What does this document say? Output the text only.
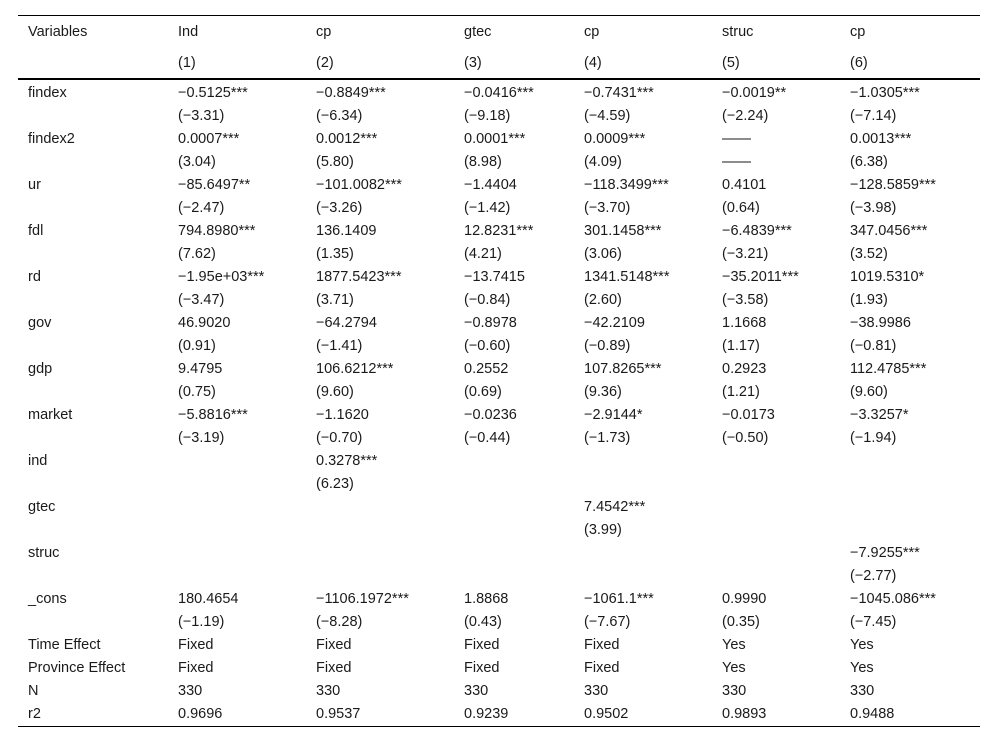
Variables	Ind	cp	gtec	cp	struc	cp
	(1)	(2)	(3)	(4)	(5)	(6)
findex	−0.5125***	−0.8849***	−0.0416***	−0.7431***	−0.0019**	−1.0305***
	(−3.31)	(−6.34)	(−9.18)	(−4.59)	(−2.24)	(−7.14)
findex2	0.0007***	0.0012***	0.0001***	0.0009***	——	0.0013***
	(3.04)	(5.80)	(8.98)	(4.09)	——	(6.38)
ur	−85.6497**	−101.0082***	−1.4404	−118.3499***	0.4101	−128.5859***
	(−2.47)	(−3.26)	(−1.42)	(−3.70)	(0.64)	(−3.98)
fdl	794.8980***	136.1409	12.8231***	301.1458***	−6.4839***	347.0456***
	(7.62)	(1.35)	(4.21)	(3.06)	(−3.21)	(3.52)
rd	−1.95e+03***	1877.5423***	−13.7415	1341.5148***	−35.2011***	1019.5310*
	(−3.47)	(3.71)	(−0.84)	(2.60)	(−3.58)	(1.93)
gov	46.9020	−64.2794	−0.8978	−42.2109	1.1668	−38.9986
	(0.91)	(−1.41)	(−0.60)	(−0.89)	(1.17)	(−0.81)
gdp	9.4795	106.6212***	0.2552	107.8265***	0.2923	112.4785***
	(0.75)	(9.60)	(0.69)	(9.36)	(1.21)	(9.60)
market	−5.8816***	−1.1620	−0.0236	−2.9144*	−0.0173	−3.3257*
	(−3.19)	(−0.70)	(−0.44)	(−1.73)	(−0.50)	(−1.94)
ind		0.3278***				
		(6.23)				
gtec				7.4542***		
				(3.99)		
struc						−7.9255***
						(−2.77)
_cons	180.4654	−1106.1972***	1.8868	−1061.1***	0.9990	−1045.086***
	(−1.19)	(−8.28)	(0.43)	(−7.67)	(0.35)	(−7.45)
Time Effect	Fixed	Fixed	Fixed	Fixed	Yes	Yes
Province Effect	Fixed	Fixed	Fixed	Fixed	Yes	Yes
N	330	330	330	330	330	330
r2	0.9696	0.9537	0.9239	0.9502	0.9893	0.9488
